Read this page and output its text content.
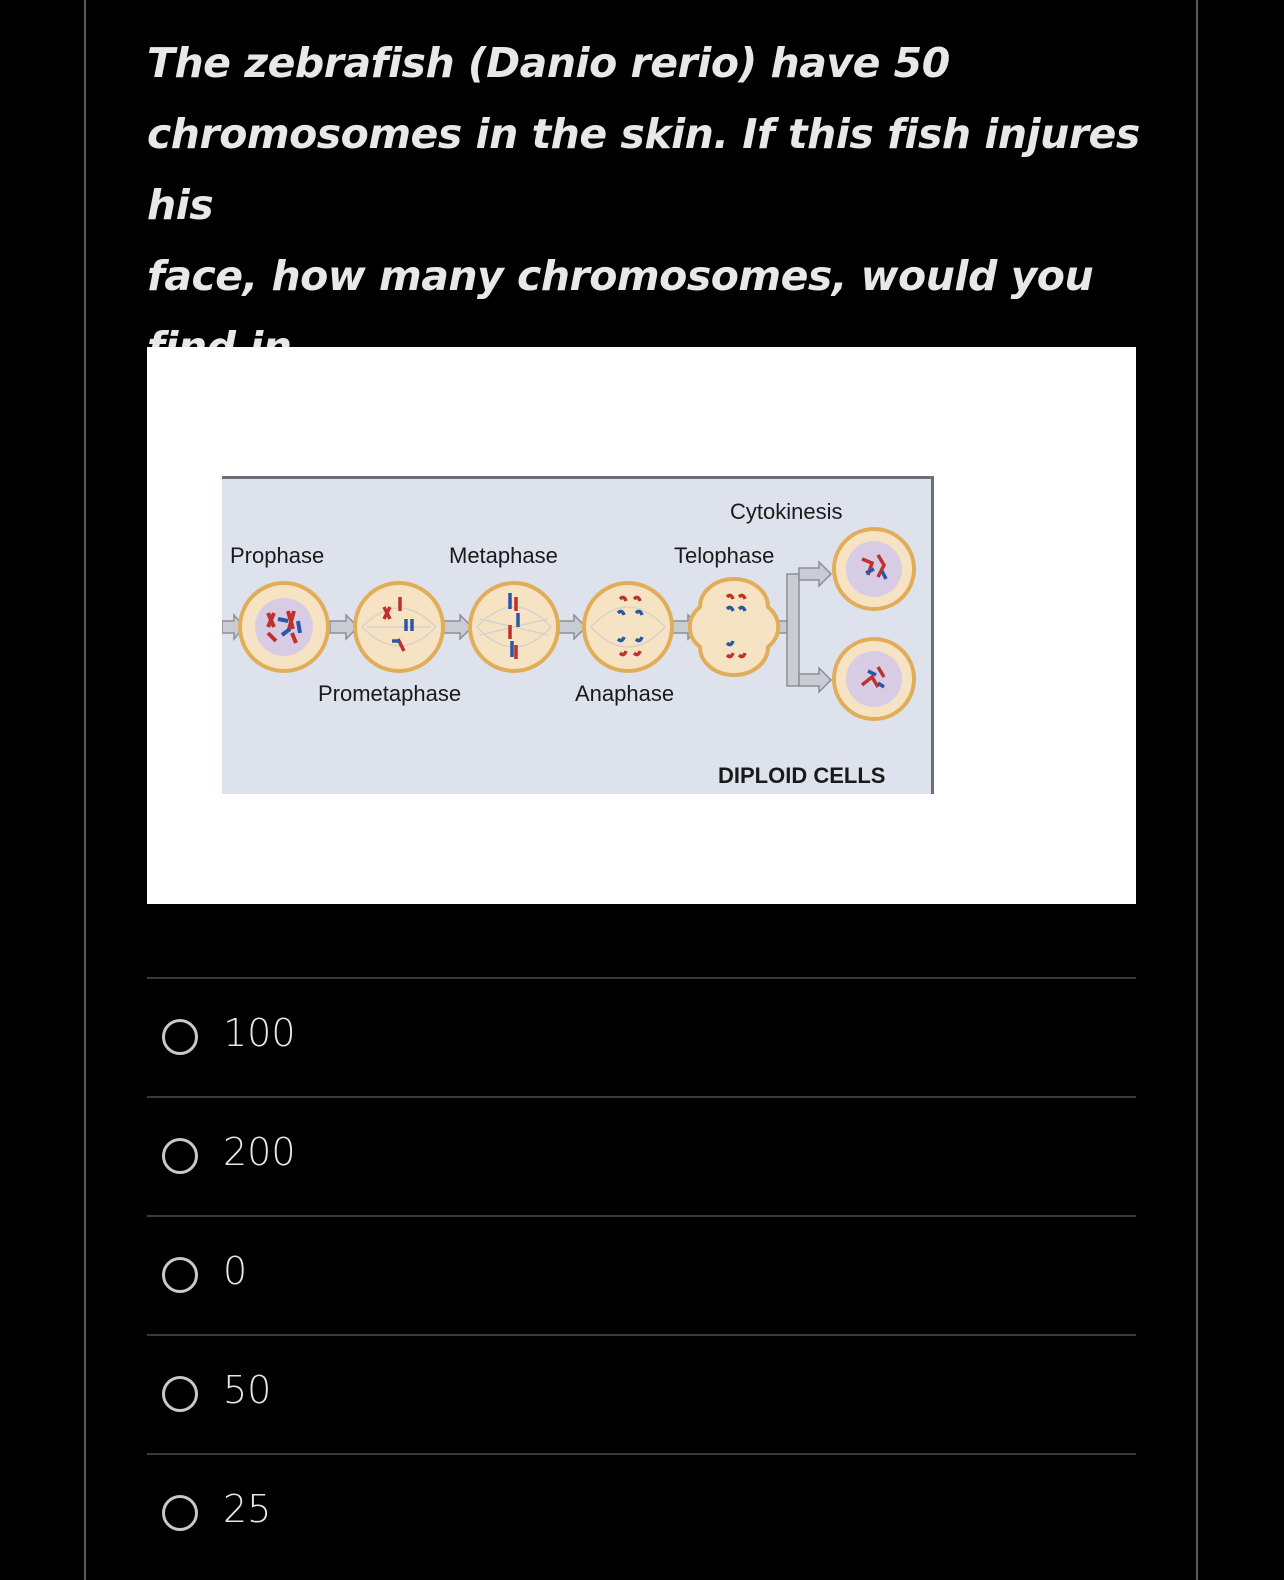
The zebrafish (Danio rerio) have 50
chromosomes in the skin. If this fish injures his
face, how many chromosomes, would you
Prophase	Metaphase	Telophase
Cytokinesis
Prometaphase	Anaphase
DIPLOID CELLS
100
200
0
50
25
